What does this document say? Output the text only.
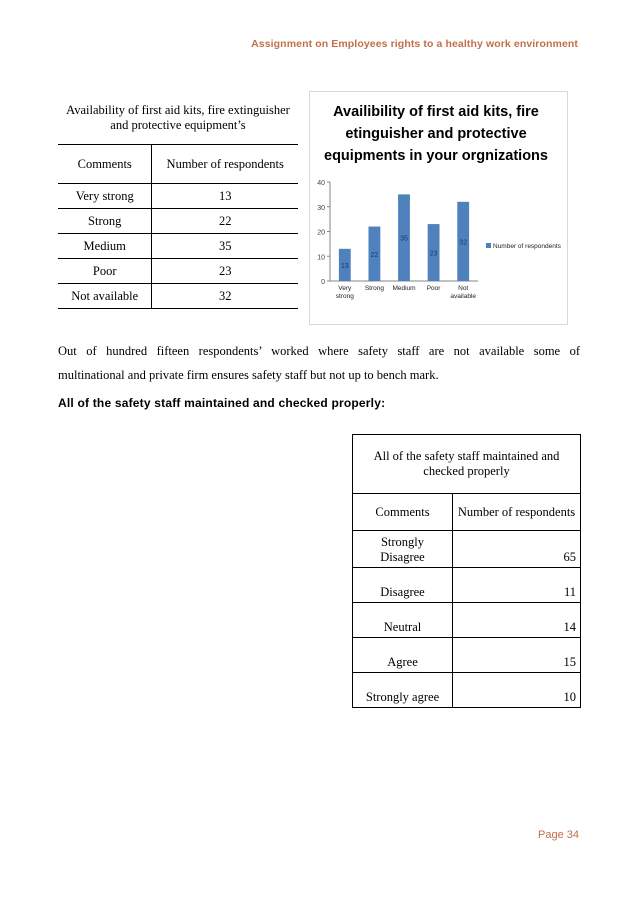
Assignment on Employees rights to a healthy work environment
Availability of first aid kits, fire extinguisher and protective equipment’s	
Comments	Number of respondents
Very strong	13
Strong	22
Medium	35
Poor	23
Not available	32
Availibility of first aid kits, fire
etinguisher and protective
equipments in your orgnizations
0
10
20
30
40
13
Very
strong
22
Strong
35
Medium
23
Poor
32
Not
available
Number of respondents
Out of hundred fifteen respondents’ worked where safety staff are not available some of
multinational and private firm ensures safety staff but not up to bench mark.
All of the safety staff maintained and checked properly:
All of the safety staff maintained and checked properly	
Comments	Number of respondents
Strongly Disagree	65
Disagree	11
Neutral	14
Agree	15
Strongly agree	10
Page 34
